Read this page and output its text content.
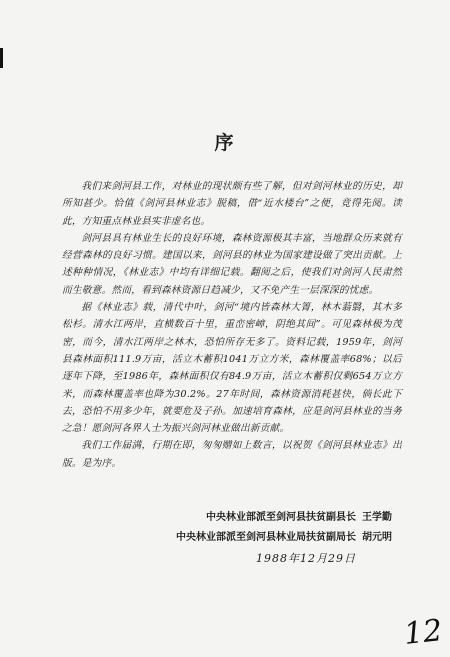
序

我们来剑河县工作，对林业的现状颇有些了解，但对剑河林业的历史，却所知甚少。恰值《剑河县林业志》脱稿，借“近水楼台”之便，竟得先阅。读此，方知重点林业县实非虚名也。

剑河县具有林业生长的良好环境，森林资源极其丰富，当地群众历来就有经营森林的良好习惯。建国以来，剑河县的林业为国家建设做了突出贡献。上述种种情况，《林业志》中均有详细记载。翻阅之后，使我们对剑河人民肃然而生敬意。然而，看到森林资源日趋减少，又不免产生一层深深的忧虑。

据《林业志》载，清代中叶，剑河“境内皆森林大箐，林木蓊翳，其木多松杉。清水江两岸，直横数百十里，重峦密嶂，阴绝其间”。可见森林极为茂密，而今，清水江两岸之林木，恐怕所存无多了。资料记载，1959年，剑河县森林面积111.9万亩，活立木蓄积1041万立方米，森林覆盖率68%；以后逐年下降，至1986年，森林面积仅有84.9万亩，活立木蓄积仅剩654万立方米，而森林覆盖率也降为30.2%。27年时间，森林资源消耗甚快，倘长此下去，恐怕不用多少年，就要危及子孙。加速培育森林，应是剑河县林业的当务之急！愿剑河各界人士为振兴剑河林业做出新贡献。

我们工作届满，行期在即，匆匆赠如上数言，以祝贺《剑河县林业志》出版。是为序。

中央林业部派至剑河县扶贫副县长 王学勤
中央林业部派至剑河县林业局扶贫副局长 胡元明
1988年12月29日
12
